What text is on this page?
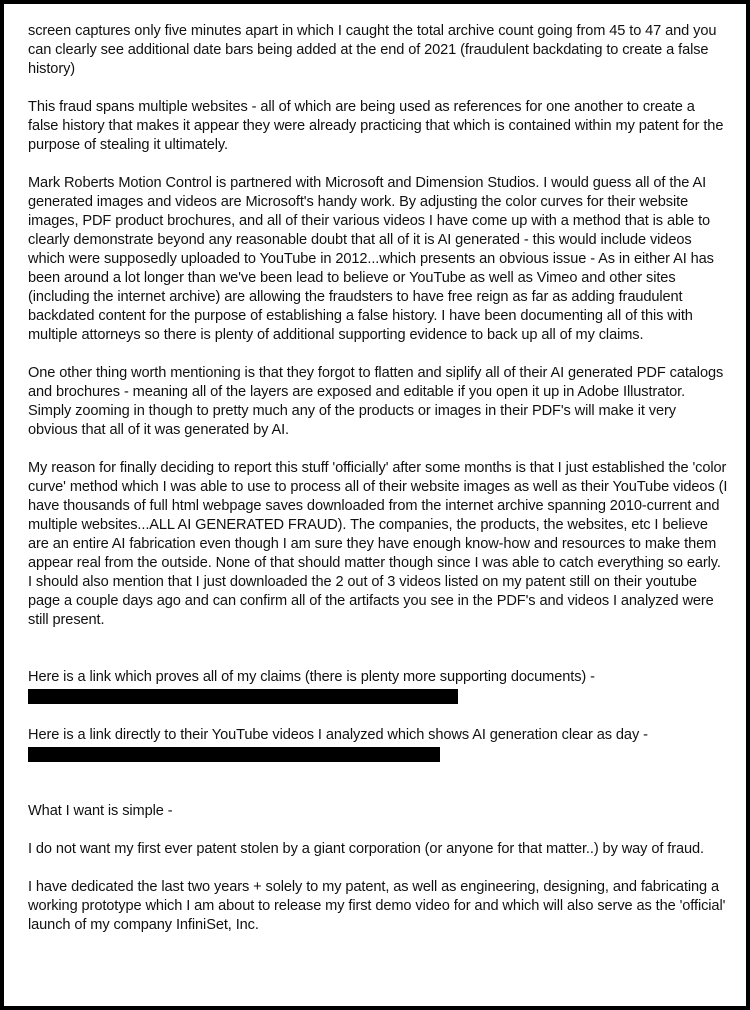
screen captures only five minutes apart in which I caught the total archive count going from 45 to 47 and you can clearly see additional date bars being added at the end of 2021 (fraudulent backdating to create a false history)

This fraud spans multiple websites - all of which are being used as references for one another to create a false history that makes it appear they were already practicing that which is contained within my patent for the purpose of stealing it ultimately.

Mark Roberts Motion Control is partnered with Microsoft and Dimension Studios. I would guess all of the AI generated images and videos are Microsoft's handy work. By adjusting the color curves for their website images, PDF product brochures, and all of their various videos I have come up with a method that is able to clearly demonstrate beyond any reasonable doubt that all of it is AI generated - this would include videos which were supposedly uploaded to YouTube in 2012...which presents an obvious issue - As in either AI has been around a lot longer than we've been lead to believe or YouTube as well as Vimeo and other sites (including the internet archive) are allowing the fraudsters to have free reign as far as adding fraudulent backdated content for the purpose of establishing a false history. I have been documenting all of this with multiple attorneys so there is plenty of additional supporting evidence to back up all of my claims.

One other thing worth mentioning is that they forgot to flatten and siplify all of their AI generated PDF catalogs and brochures - meaning all of the layers are exposed and editable if you open it up in Adobe Illustrator. Simply zooming in though to pretty much any of the products or images in their PDF's will make it very obvious that all of it was generated by AI.

My reason for finally deciding to report this stuff 'officially' after some months is that I just established the 'color curve' method which I was able to use to process all of their website images as well as their YouTube videos (I have thousands of full html webpage saves downloaded from the internet archive spanning 2010-current and multiple websites...ALL AI GENERATED FRAUD). The companies, the products, the websites, etc I believe are an entire AI fabrication even though I am sure they have enough know-how and resources to make them appear real from the outside. None of that should matter though since I was able to catch everything so early. I should also mention that I just downloaded the 2 out of 3 videos listed on my patent still on their youtube page a couple days ago and can confirm all of the artifacts you see in the PDF's and videos I analyzed were still present.

Here is a link which proves all of my claims (there is plenty more supporting documents) -

Here is a link directly to their YouTube videos I analyzed which shows AI generation clear as day -

What I want is simple -

I do not want my first ever patent stolen by a giant corporation (or anyone for that matter..) by way of fraud.

I have dedicated the last two years + solely to my patent, as well as engineering, designing, and fabricating a working prototype which I am about to release my first demo video for and which will also serve as the 'official' launch of my company InfiniSet, Inc.
